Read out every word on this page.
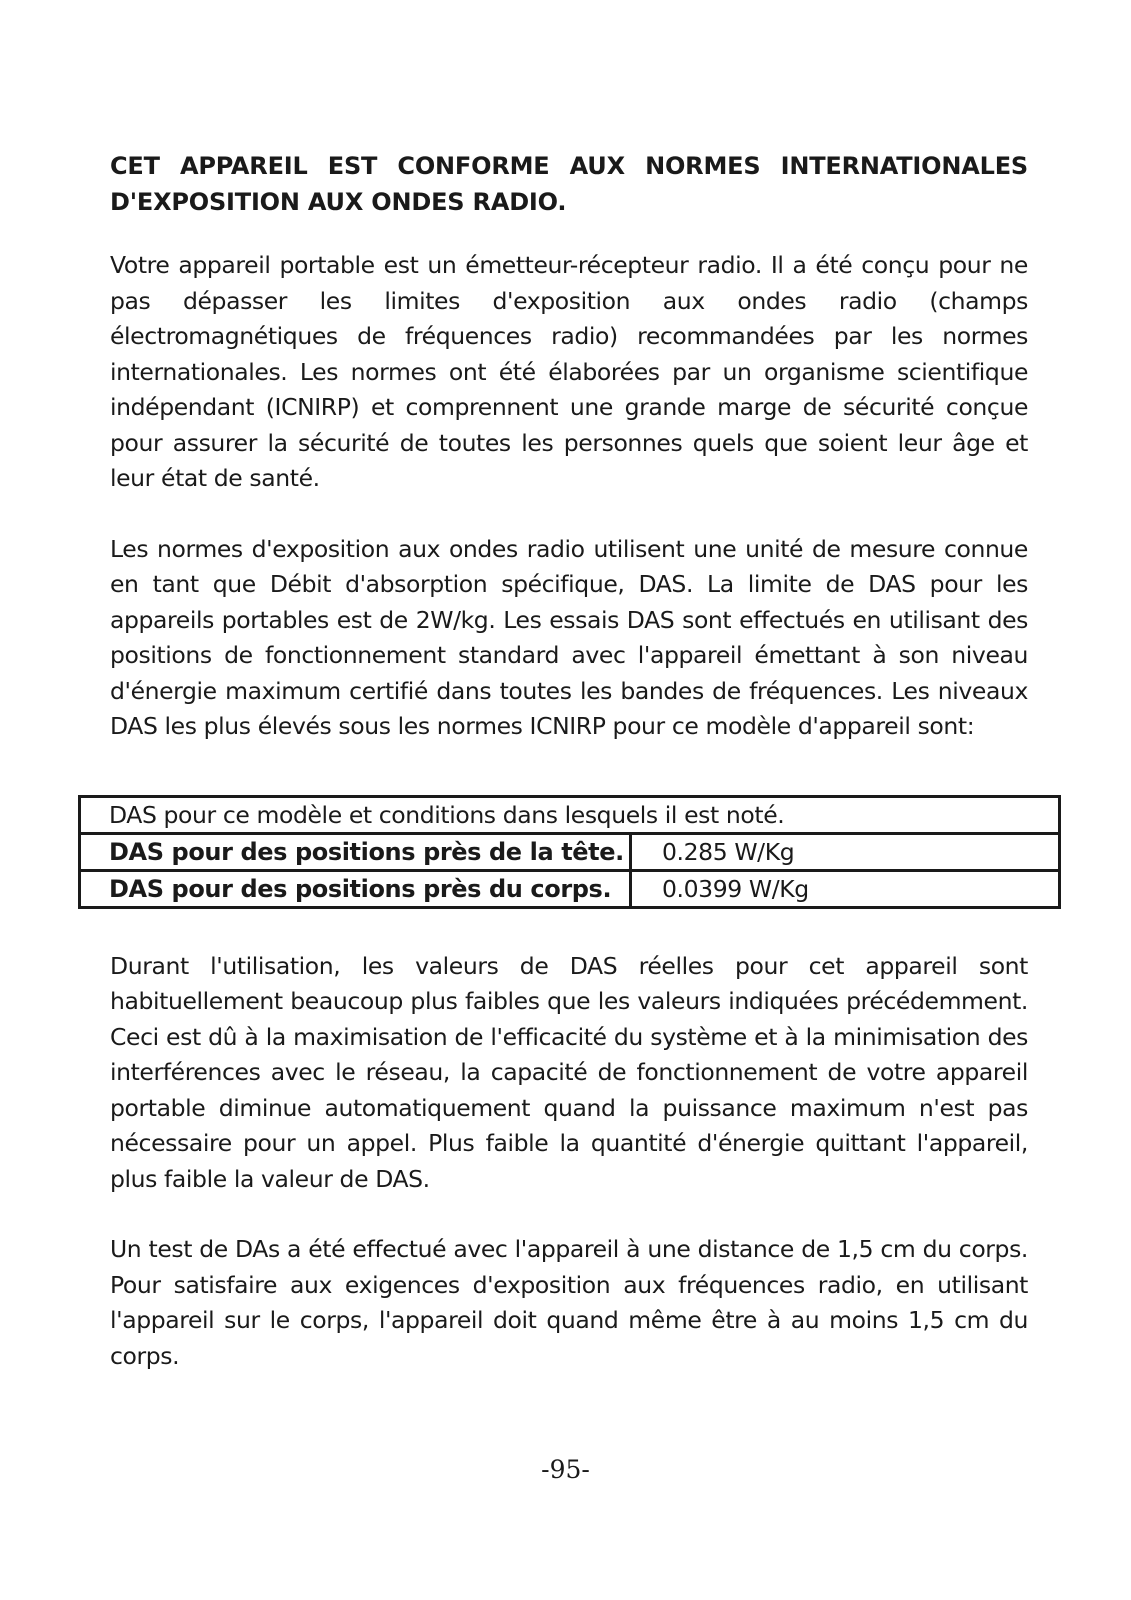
CET APPAREIL EST CONFORME AUX NORMES INTERNATIONALES D'EXPOSITION AUX ONDES RADIO.

Votre appareil portable est un émetteur-récepteur radio. Il a été conçu pour ne pas dépasser les limites d'exposition aux ondes radio (champs électromagnétiques de fréquences radio) recommandées par les normes internationales. Les normes ont été élaborées par un organisme scientifique indépendant (ICNIRP) et comprennent une grande marge de sécurité conçue pour assurer la sécurité de toutes les personnes quels que soient leur âge et leur état de santé.

Les normes d'exposition aux ondes radio utilisent une unité de mesure connue en tant que Débit d'absorption spécifique, DAS. La limite de DAS pour les appareils portables est de 2W/kg. Les essais DAS sont effectués en utilisant des positions de fonctionnement standard avec l'appareil émettant à son niveau d'énergie maximum certifié dans toutes les bandes de fréquences. Les niveaux DAS les plus élevés sous les normes ICNIRP pour ce modèle d'appareil sont:

DAS pour ce modèle et conditions dans lesquels il est noté.	
DAS pour des positions près de la tête.	0.285 W/Kg
DAS pour des positions près du corps.	0.0399 W/Kg

Durant l'utilisation, les valeurs de DAS réelles pour cet appareil sont habituellement beaucoup plus faibles que les valeurs indiquées précédemment. Ceci est dû à la maximisation de l'efficacité du système et à la minimisation des interférences avec le réseau, la capacité de fonctionnement de votre appareil portable diminue automatiquement quand la puissance maximum n'est pas nécessaire pour un appel. Plus faible la quantité d'énergie quittant l'appareil, plus faible la valeur de DAS.

Un test de DAs a été effectué avec l'appareil à une distance de 1,5 cm du corps. Pour satisfaire aux exigences d'exposition aux fréquences radio, en utilisant l'appareil sur le corps, l'appareil doit quand même être à au moins 1,5 cm du corps.

-95-
